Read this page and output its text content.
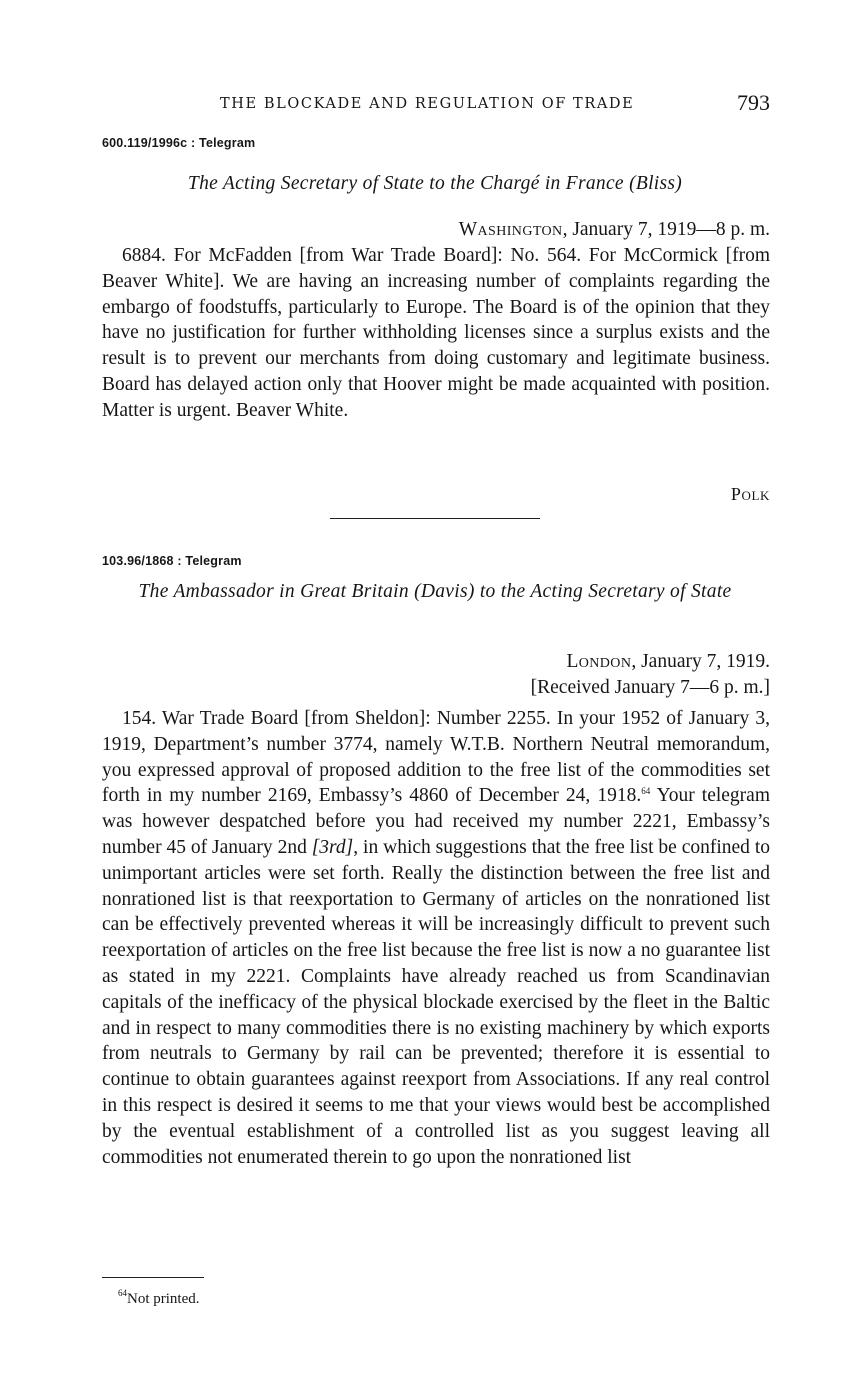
THE BLOCKADE AND REGULATION OF TRADE	793
600.119/1996c : Telegram
The Acting Secretary of State to the Chargé in France (Bliss)
Washington, January 7, 1919—8 p. m.
6884. For McFadden [from War Trade Board]: No. 564. For McCormick [from Beaver White]. We are having an increasing number of complaints regarding the embargo of foodstuffs, particularly to Europe. The Board is of the opinion that they have no justification for further withholding licenses since a surplus exists and the result is to prevent our merchants from doing customary and legitimate business. Board has delayed action only that Hoover might be made acquainted with position. Matter is urgent. Beaver White.
Polk
103.96/1868 : Telegram
The Ambassador in Great Britain (Davis) to the Acting Secretary of State
London, January 7, 1919.
[Received January 7—6 p. m.]
154. War Trade Board [from Sheldon]: Number 2255. In your 1952 of January 3, 1919, Department’s number 3774, namely W.T.B. Northern Neutral memorandum, you expressed approval of proposed addition to the free list of the commodities set forth in my number 2169, Embassy’s 4860 of December 24, 1918.64 Your telegram was however despatched before you had received my number 2221, Embassy’s number 45 of January 2nd [3rd], in which suggestions that the free list be confined to unimportant articles were set forth. Really the distinction between the free list and nonrationed list is that reexportation to Germany of articles on the nonrationed list can be effectively prevented whereas it will be increasingly difficult to prevent such reexportation of articles on the free list because the free list is now a no guarantee list as stated in my 2221. Complaints have already reached us from Scandinavian capitals of the inefficacy of the physical blockade exercised by the fleet in the Baltic and in respect to many commodities there is no existing machinery by which exports from neutrals to Germany by rail can be prevented; therefore it is essential to continue to obtain guarantees against reexport from Associations. If any real control in this respect is desired it seems to me that your views would best be accomplished by the eventual establishment of a controlled list as you suggest leaving all commodities not enumerated therein to go upon the nonrationed list
$^{64}$Not printed.
